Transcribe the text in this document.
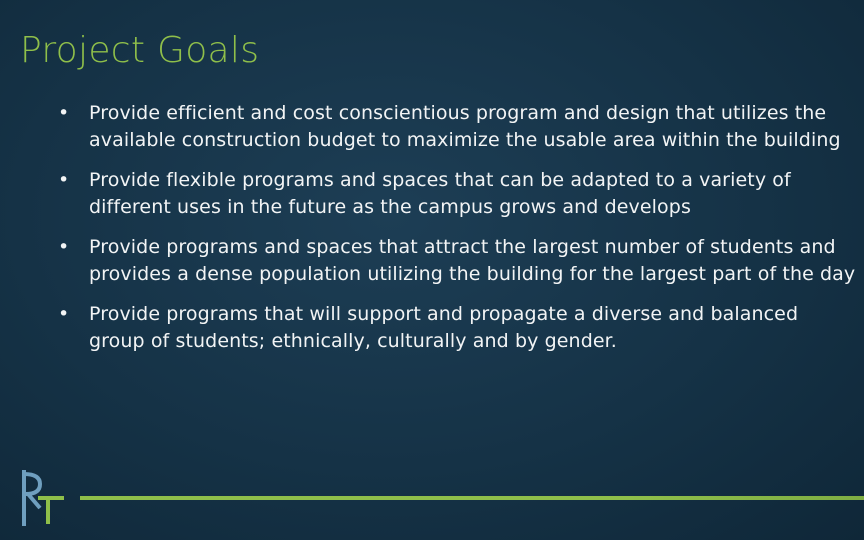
Project Goals
• Provide efficient and cost conscientious program and design that utilizes the available construction budget to maximize the usable area within the building
• Provide flexible programs and spaces that can be adapted to a variety of different uses in the future as the campus grows and develops
• Provide programs and spaces that attract the largest number of students and provides a dense population utilizing the building for the largest part of the day
• Provide programs that will support and propagate a diverse and balanced group of students; ethnically, culturally and by gender.
